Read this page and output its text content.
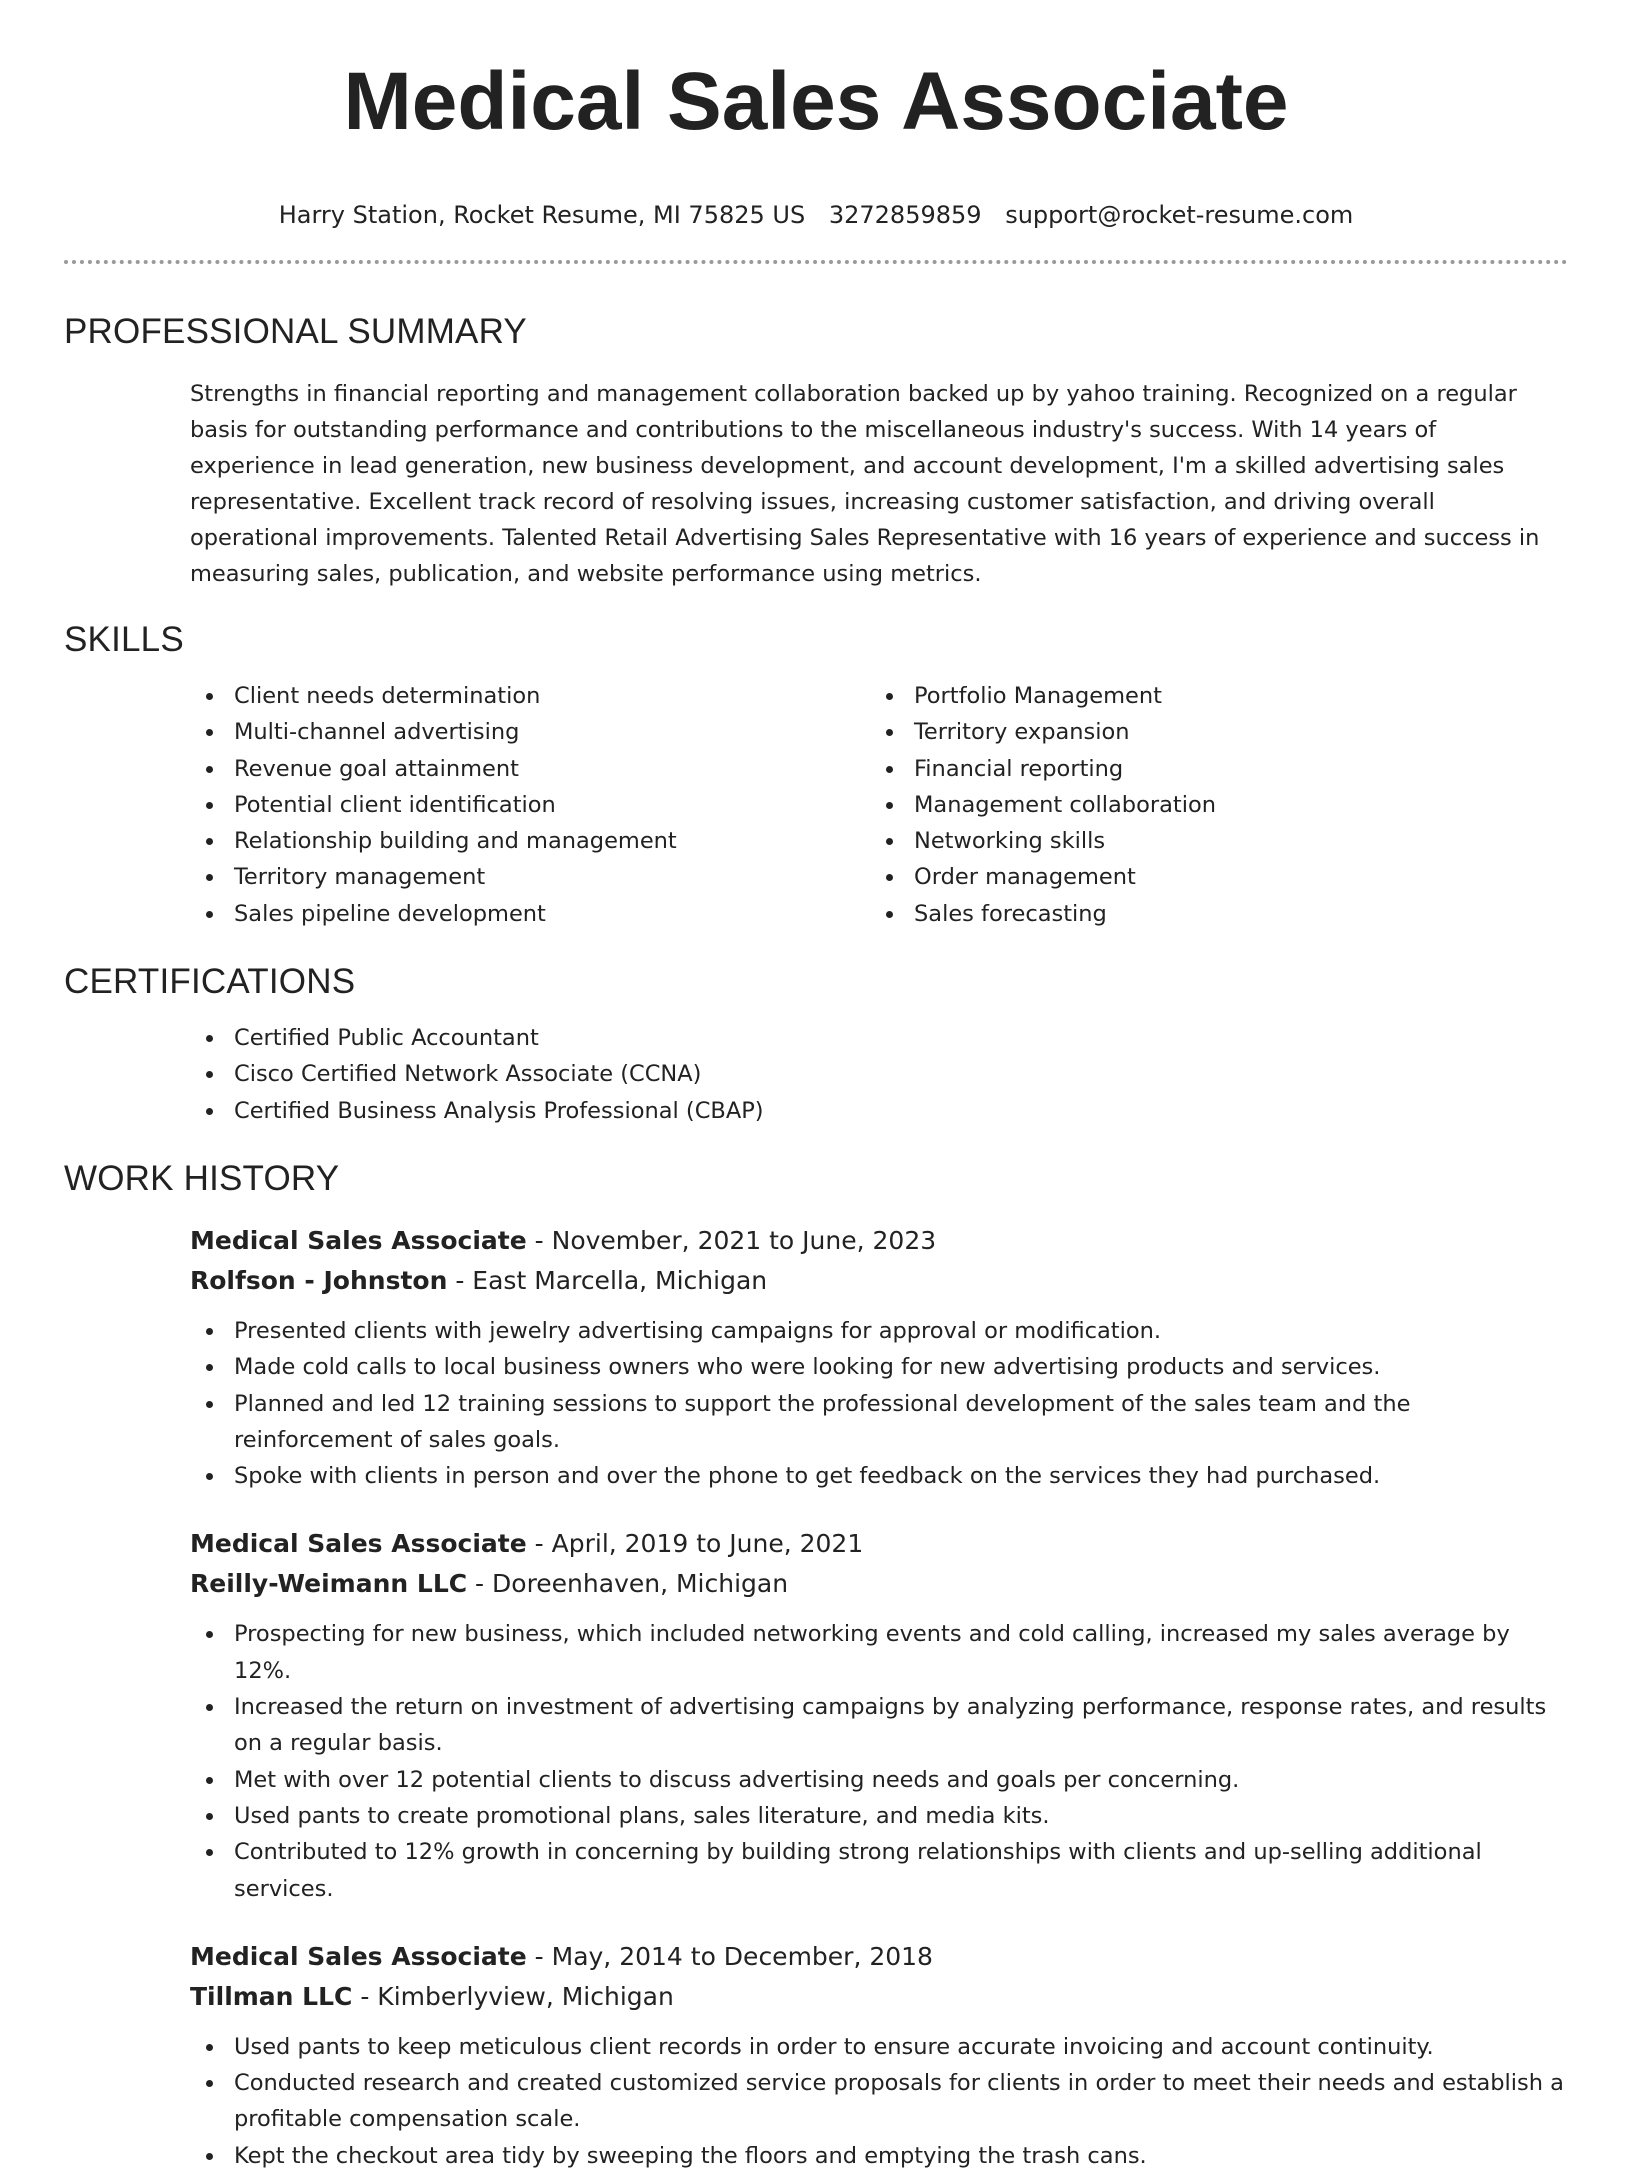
Medical Sales Associate
Harry Station, Rocket Resume, MI 75825 US 3272859859 support@rocket-resume.com
PROFESSIONAL SUMMARY

Strengths in financial reporting and management collaboration backed up by yahoo training. Recognized on a regular basis for outstanding performance and contributions to the miscellaneous industry's success. With 14 years of experience in lead generation, new business development, and account development, I'm a skilled advertising sales representative. Excellent track record of resolving issues, increasing customer satisfaction, and driving overall operational improvements. Talented Retail Advertising Sales Representative with 16 years of experience and success in measuring sales, publication, and website performance using metrics.

SKILLS
Client needs determination
Multi-channel advertising
Revenue goal attainment
Potential client identification
Relationship building and management
Territory management
Sales pipeline development
Portfolio Management
Territory expansion
Financial reporting
Management collaboration
Networking skills
Order management
Sales forecasting
CERTIFICATIONS
Certified Public Accountant
Cisco Certified Network Associate (CCNA)
Certified Business Analysis Professional (CBAP)
WORK HISTORY
Medical Sales Associate - November, 2021 to June, 2023
Rolfson - Johnston - East Marcella, Michigan
Presented clients with jewelry advertising campaigns for approval or modification.
Made cold calls to local business owners who were looking for new advertising products and services.
Planned and led 12 training sessions to support the professional development of the sales team and the reinforcement of sales goals.
Spoke with clients in person and over the phone to get feedback on the services they had purchased.
Medical Sales Associate - April, 2019 to June, 2021
Reilly-Weimann LLC - Doreenhaven, Michigan
Prospecting for new business, which included networking events and cold calling, increased my sales average by 12%.
Increased the return on investment of advertising campaigns by analyzing performance, response rates, and results on a regular basis.
Met with over 12 potential clients to discuss advertising needs and goals per concerning.
Used pants to create promotional plans, sales literature, and media kits.
Contributed to 12% growth in concerning by building strong relationships with clients and up-selling additional services.
Medical Sales Associate - May, 2014 to December, 2018
Tillman LLC - Kimberlyview, Michigan
Used pants to keep meticulous client records in order to ensure accurate invoicing and account continuity.
Conducted research and created customized service proposals for clients in order to meet their needs and establish a profitable compensation scale.
Kept the checkout area tidy by sweeping the floors and emptying the trash cans.
